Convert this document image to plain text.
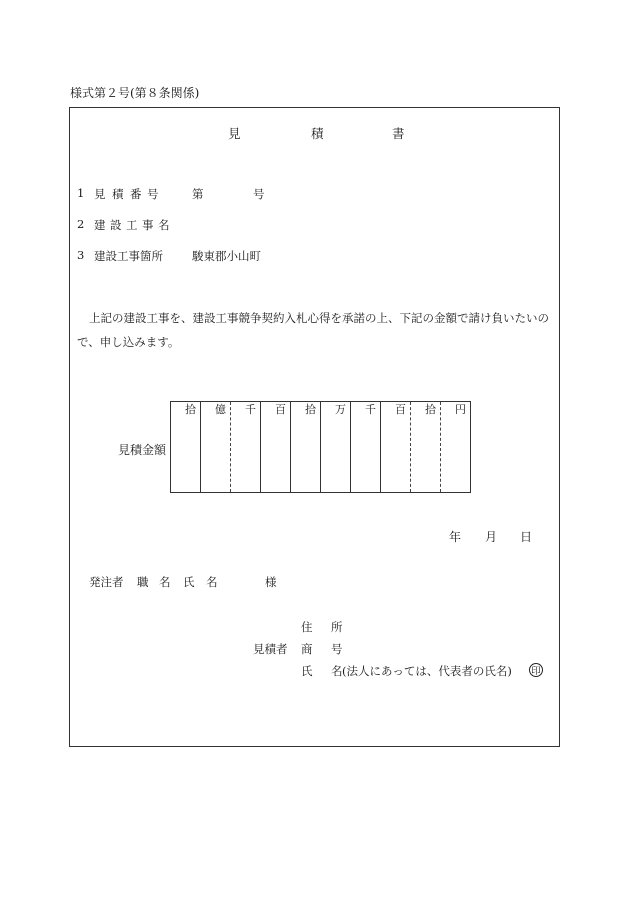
様式第２号(第８条関係)
見	積	書
1 見 積 番 号	第	号
2 建 設 工 事 名
3 建設工事箇所	駿東郡小山町
上記の建設工事を、建設工事競争契約入札心得を承諾の上、下記の金額で請け負いたいので、申し込みます。
見積金額
拾	億	千	百	拾	万	千	百	拾	円
年 月 日
発注者 職 名 氏 名	様
住 所
見積者 商 号
氏 名 (法人にあっては、代表者の氏名) 印
